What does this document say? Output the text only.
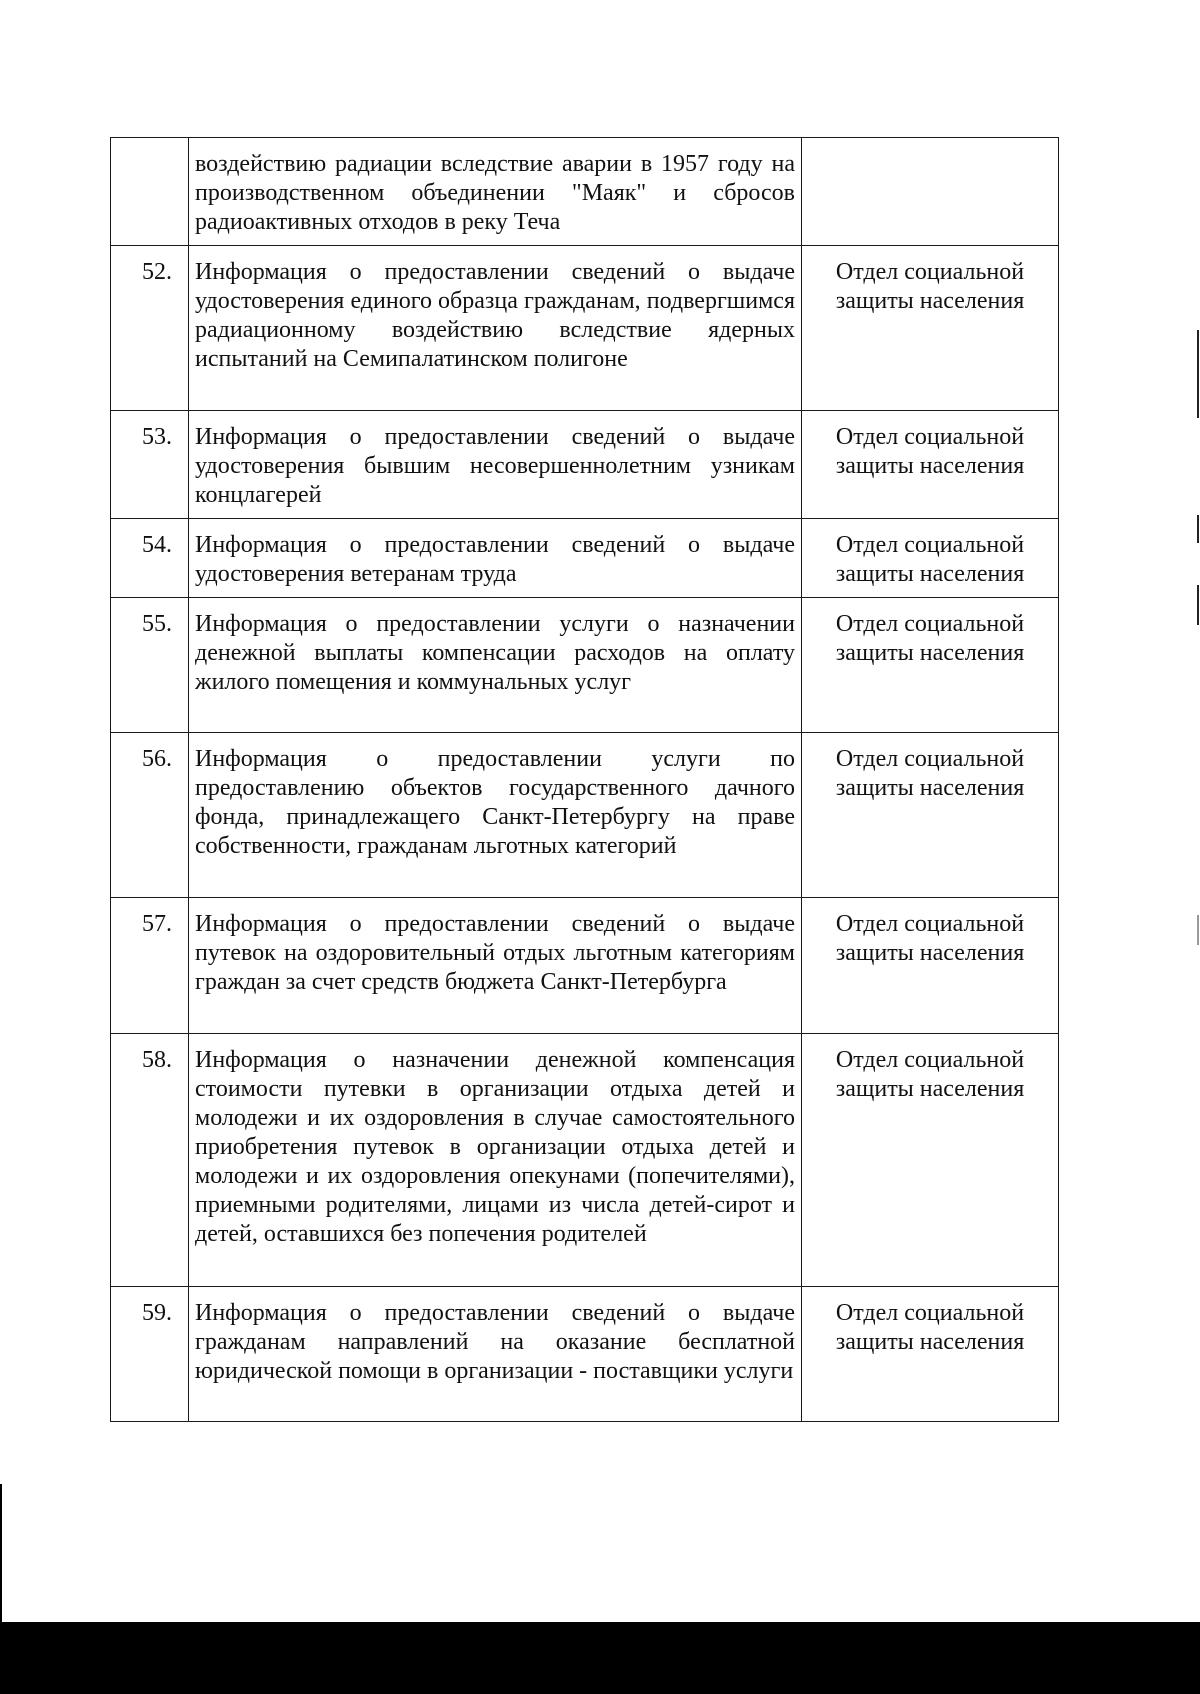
	воздействию радиации вследствие аварии в 1957 году на производственном объединении "Маяк" и сбросов радиоактивных отходов в реку Теча	
52.	Информация о предоставлении сведений о выдаче удостоверения единого образца гражданам, подвергшимся радиационному воздействию вследствие ядерных испытаний на Семипалатинском полигоне	Отдел социальной защиты населения
53.	Информация о предоставлении сведений о выдаче удостоверения бывшим несовершеннолетним узникам концлагерей	Отдел социальной защиты населения
54.	Информация о предоставлении сведений о выдаче удостоверения ветеранам труда	Отдел социальной защиты населения
55.	Информация о предоставлении услуги о назначении денежной выплаты компенсации расходов на оплату жилого помещения и коммунальных услуг	Отдел социальной защиты населения
56.	Информация о предоставлении услуги по предоставлению объектов государственного дачного фонда, принадлежащего Санкт-Петербургу на праве собственности, гражданам льготных категорий	Отдел социальной защиты населения
57.	Информация о предоставлении сведений о выдаче путевок на оздоровительный отдых льготным категориям граждан за счет средств бюджета Санкт-Петербурга	Отдел социальной защиты населения
58.	Информация о назначении денежной компенсация стоимости путевки в организации отдыха детей и молодежи и их оздоровления в случае самостоятельного приобретения путевок в организации отдыха детей и молодежи и их оздоровления опекунами (попечителями), приемными родителями, лицами из числа детей-сирот и детей, оставшихся без попечения родителей	Отдел социальной защиты населения
59.	Информация о предоставлении сведений о выдаче гражданам направлений на оказание бесплатной юридической помощи в организации - поставщики услуги	Отдел социальной защиты населения
